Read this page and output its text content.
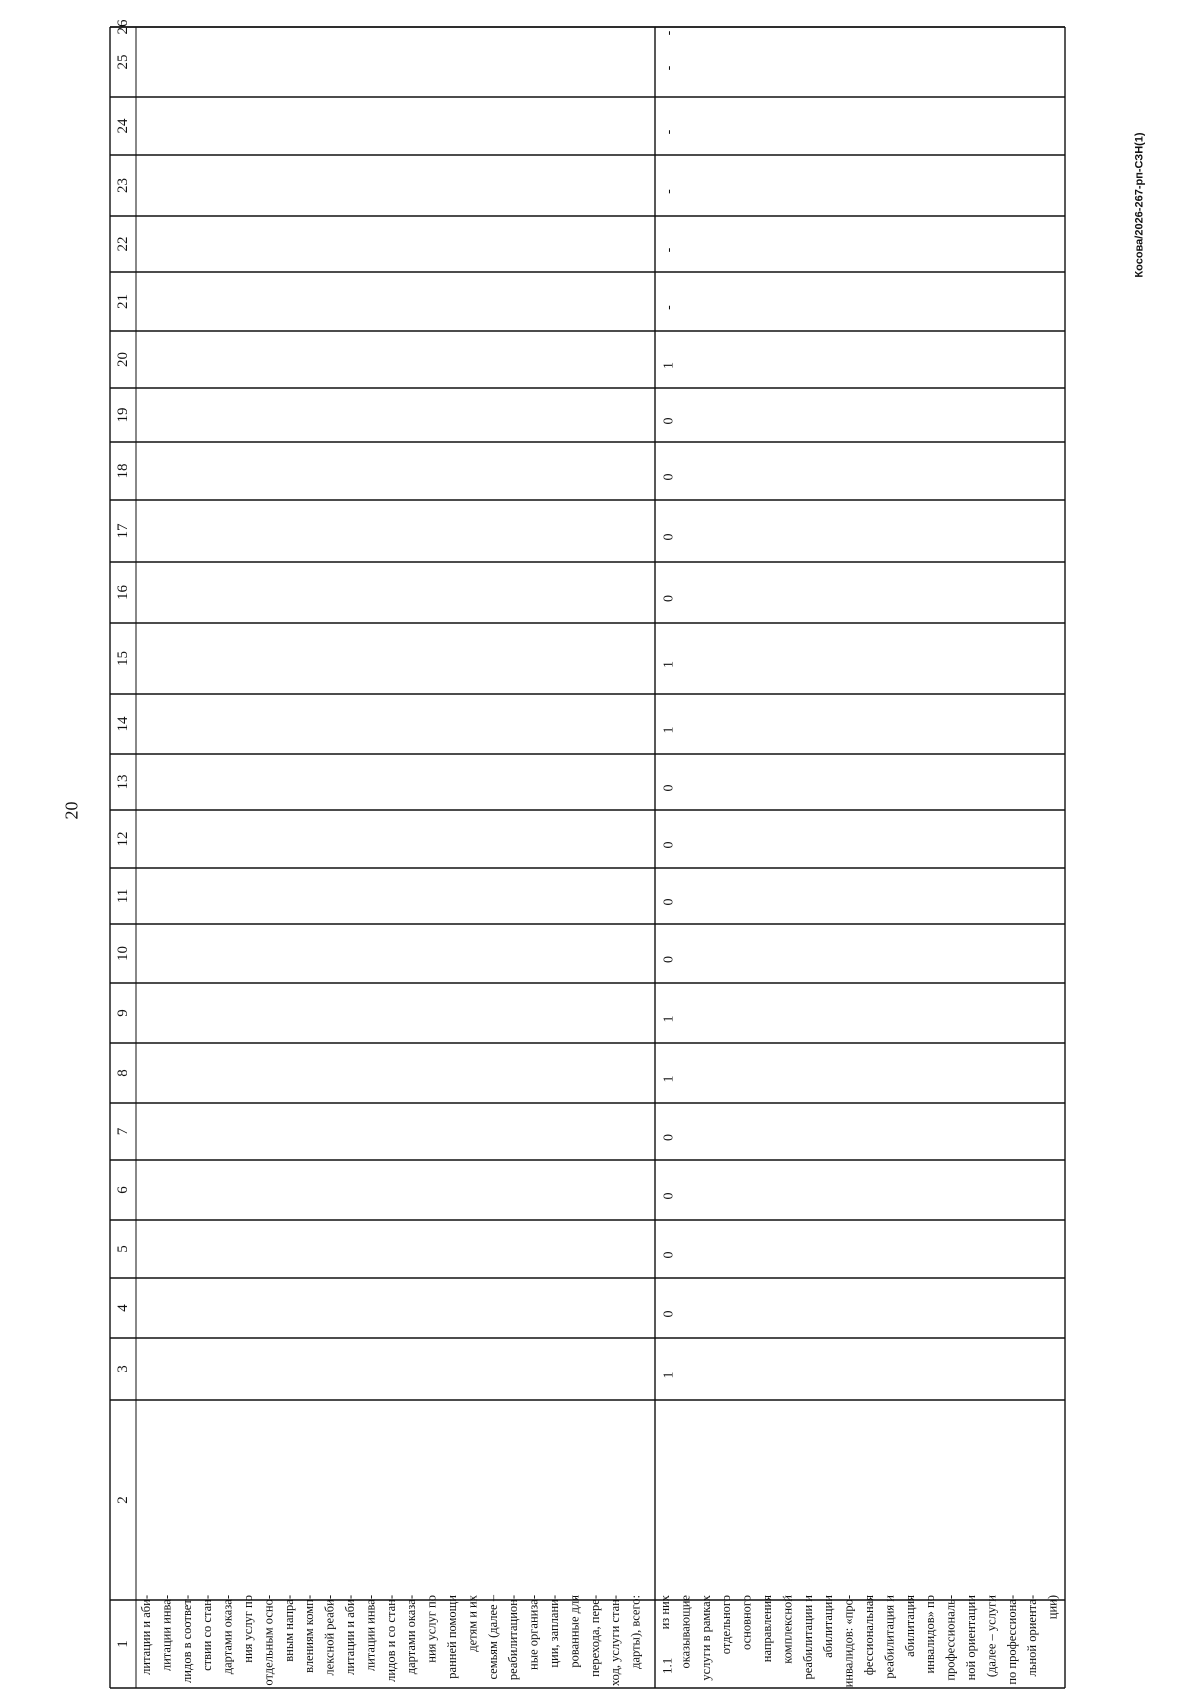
20
1
2
3
4
5
6
7
8
9
10
11
12
13
14
15
16
17
18
19
20
21
22
23
24
25
26
литации и аби- литации инва- лидов в соответ- ствии со стан- дартами оказа- ния услуг по отдельным осно- вным напра- влениям комп- лексной реаби- литации и аби- литации инва- лидов и со стан- дартами оказа- ния услуг по ранней помощи детям и их семьям (далее – реабилитацион- ные организа- ции, заплани- рованные для перехода, пере- ход, услуги стан- дарты), всего: 1.1
из них оказывающие услуги в рамках отдельного основного направления комплексной реабилитации и абилитации инвалидов: «про- фессиональная реабилитация и абилитация инвалидов» по профессиональ- ной ориентации (далее – услуги по профессиона- льной ориента- ции)
1
0
0
0
0
1
1
0
0
0
0
1
1
0
0
0
0
1
-
-
-
-
-
-
Косова/2026-267-рп-СЗН(1)
